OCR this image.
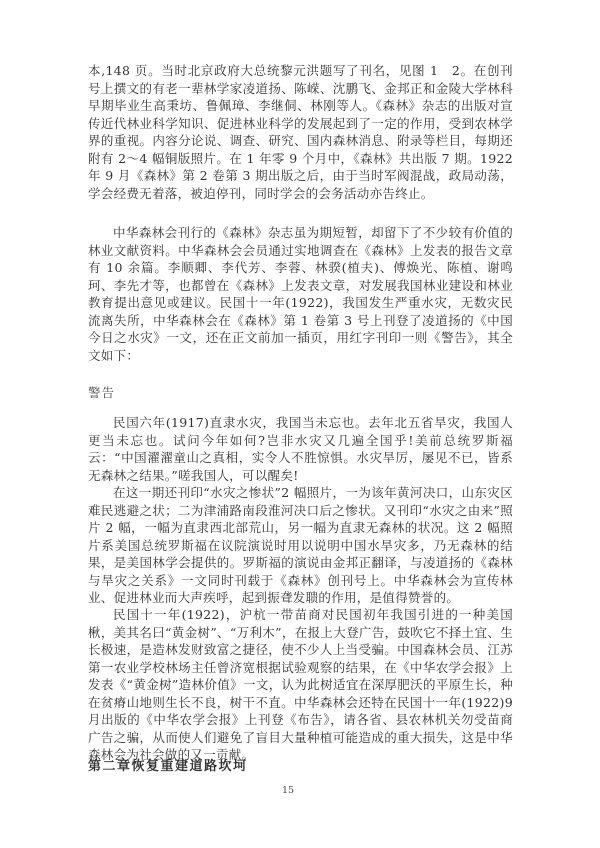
本,148 页。当时北京政府大总统黎元洪题写了刊名，见图 1　2。在创刊号上撰文的有老一辈林学家凌道扬、陈嵘、沈鹏飞、金邦正和金陵大学林科早期毕业生高秉坊、鲁佩璋、李继侗、林刚等人。《森林》杂志的出版对宣传近代林业科学知识、促进林业科学的发展起到了一定的作用，受到农林学界的重视。内容分论说、调查、研究、国内森林消息、附录等栏目，每期还附有 2～4 幅铜版照片。在 1 年零 9 个月中，《森林》共出版 7 期。1922 年 9 月《森林》第 2 卷第 3 期出版之后，由于当时军阀混战，政局动荡，学会经费无着落，被迫停刊，同时学会的会务活动亦告终止。
中华森林会刊行的《森林》杂志虽为期短暂，却留下了不少较有价值的林业文献资料。中华森林会会员通过实地调查在《森林》上发表的报告文章有 10 余篇。李顺卿、李代芳、李蓉、林骙(植夫)、傅焕光、陈植、谢鸣珂、李先才等，也都曾在《森林》上发表文章，对发展我国林业建设和林业教育提出意见或建议。民国十一年(1922)，我国发生严重水灾，无数灾民流离失所，中华森林会在《森林》第 1 卷第 3 号上刊登了凌道扬的《中国今日之水灾》一文，还在正文前加一插页，用红字刊印一则《警告》，其全文如下：
警告
民国六年(1917)直隶水灾，我国当未忘也。去年北五省旱灾，我国人更当未忘也。试问今年如何?岂非水灾又几遍全国乎!美前总统罗斯福云：“中国濯濯童山之真相，实令人不胜惊惧。水灾旱厉，屡见不已，皆系无森林之结果。”嗟我国人，可以醒矣!
在这一期还刊印“水灾之惨状”2 幅照片，一为该年黄河决口，山东灾区难民逃避之状；二为津浦路南段淮河决口后之惨状。又刊印“水灾之由来”照片 2 幅，一幅为直隶西北部荒山，另一幅为直隶无森林的状况。这 2 幅照片系美国总统罗斯福在议院演说时用以说明中国水旱灾多，乃无森林的结果，是美国林学会提供的。罗斯福的演说由金邦正翻译，与凌道扬的《森林与旱灾之关系》一文同时刊载于《森林》创刊号上。中华森林会为宣传林业、促进林业而大声疾呼，起到振聋发聩的作用，是值得赞誉的。
民国十一年(1922)，沪杭一带苗商对民国初年我国引进的一种美国楸，美其名曰“黄金树”、“万利木”，在报上大登广告，鼓吹它不择土宜、生长极速，是造林发财致富之捷径，使不少人上当受骗。中国森林会员、江苏第一农业学校林场主任曾济宽根据试验观察的结果，在《中华农学会报》上发表《“黄金树”造林价值》一文，认为此树适宜在深厚肥沃的平原生长，种在贫瘠山地则生长不良，树干不直。中华森林会还特在民国十一年(1922)9 月出版的《中华农学会报》上刊登《布告》，请各省、县农林机关勿受苗商广告之骗，从而使人们避免了盲目大量种植可能造成的重大损失，这是中华森林会为社会做的又一贡献。
第二章恢复重建道路坎坷
15
